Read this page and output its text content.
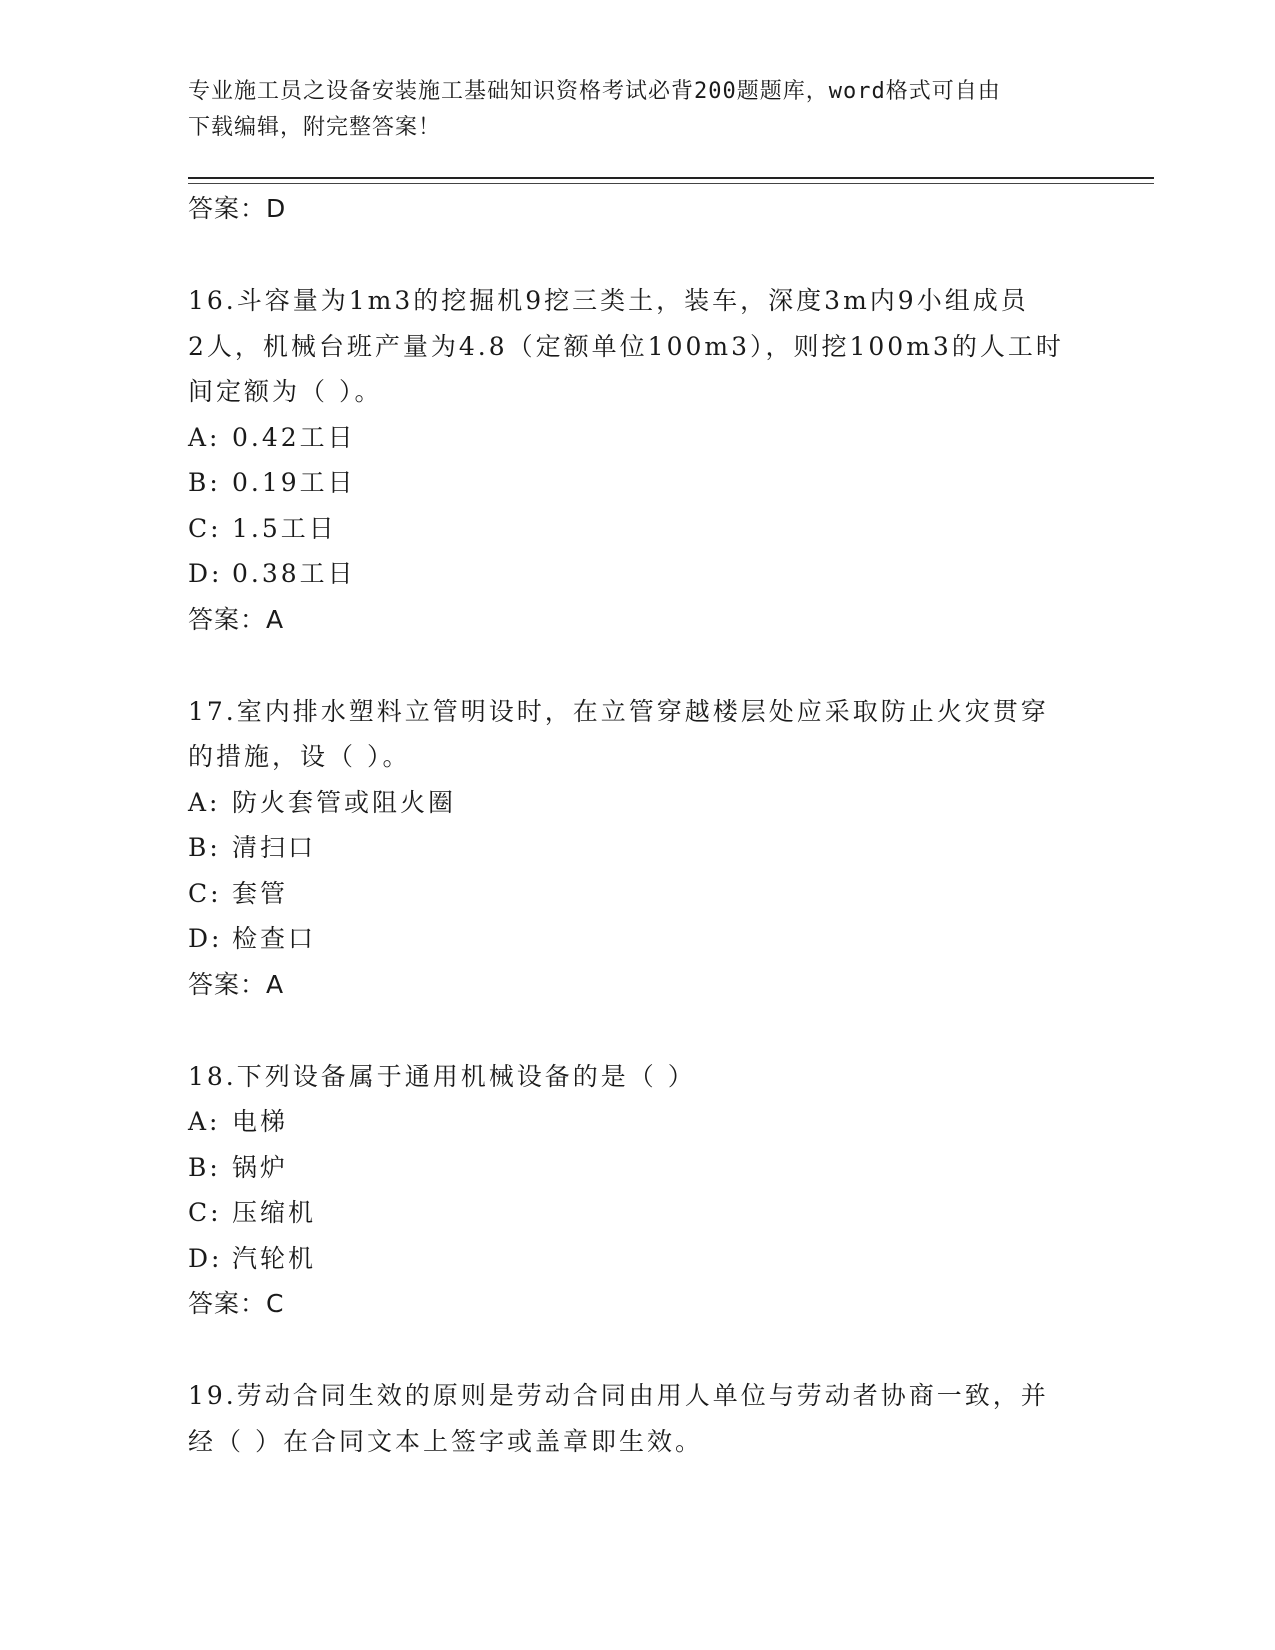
专业施工员之设备安装施工基础知识资格考试必背200题题库，word格式可自由
下载编辑，附完整答案！
答案：D
16.斗容量为1m3的挖掘机9挖三类土，装车，深度3m内9小组成员
2人，机械台班产量为4.8（定额单位100m3），则挖100m3的人工时
间定额为（ ）。
A: 0.42工日
B: 0.19工日
C: 1.5工日
D: 0.38工日
答案：A
17.室内排水塑料立管明设时，在立管穿越楼层处应采取防止火灾贯穿
的措施，设（ ）。
A: 防火套管或阻火圈
B: 清扫口
C: 套管
D: 检查口
答案：A
18.下列设备属于通用机械设备的是（ ）
A: 电梯
B: 锅炉
C: 压缩机
D: 汽轮机
答案：C
19.劳动合同生效的原则是劳动合同由用人单位与劳动者协商一致，并
经（ ）在合同文本上签字或盖章即生效。
